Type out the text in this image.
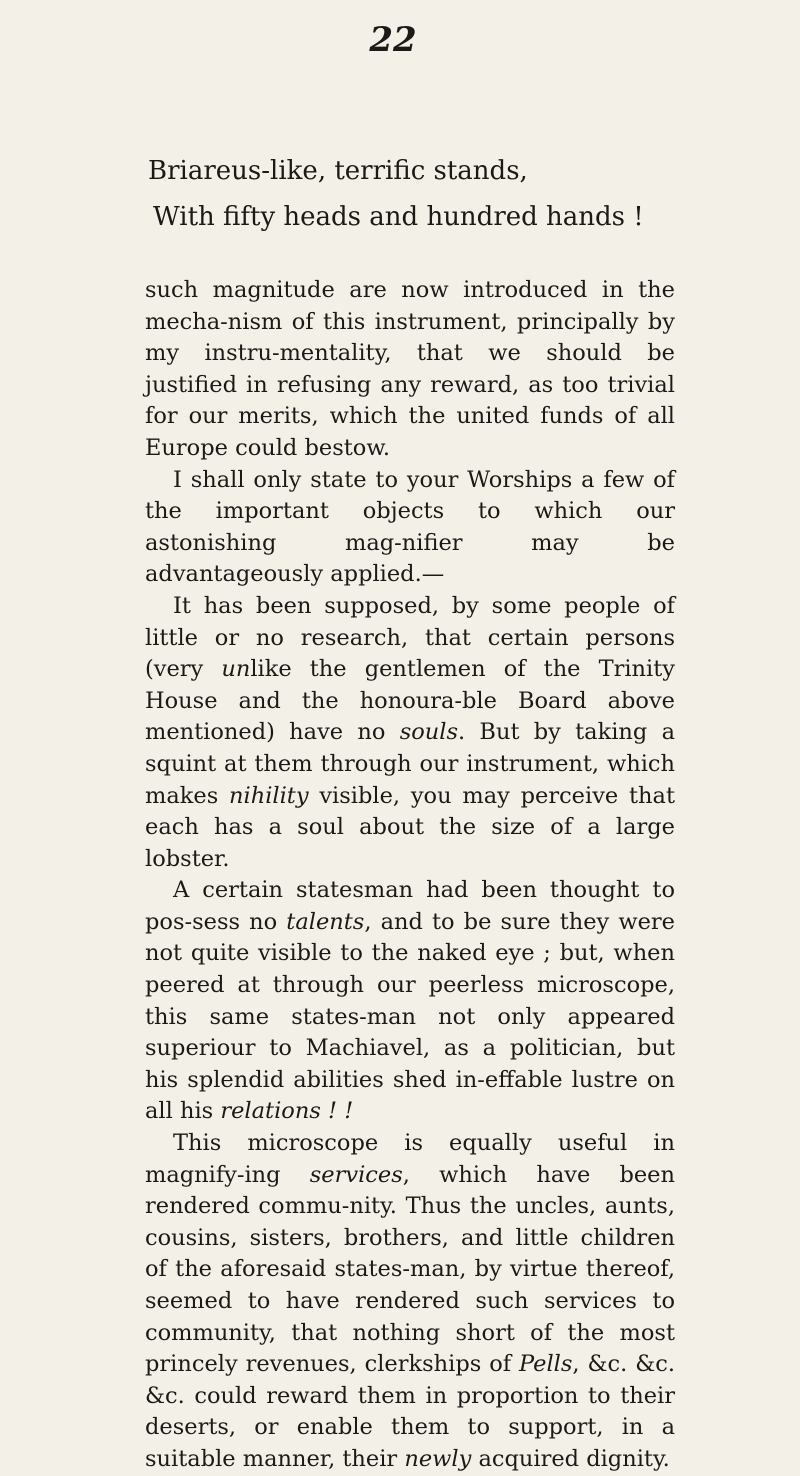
22
Briareus-like, terrific stands,
With fifty heads and hundred hands !

such magnitude are now introduced in the mecha-nism of this instrument, principally by my instru-mentality, that we should be justified in refusing any reward, as too trivial for our merits, which the united funds of all Europe could bestow.

I shall only state to your Worships a few of the important objects to which our astonishing mag-nifier may be advantageously applied.—

It has been supposed, by some people of little or no research, that certain persons (very unlike the gentlemen of the Trinity House and the honoura-ble Board above mentioned) have no souls. But by taking a squint at them through our instrument, which makes nihility visible, you may perceive that each has a soul about the size of a large lobster.

A certain statesman had been thought to pos-sess no talents, and to be sure they were not quite visible to the naked eye ; but, when peered at through our peerless microscope, this same states-man not only appeared superiour to Machiavel, as a politician, but his splendid abilities shed in-effable lustre on all his relations ! !

This microscope is equally useful in magnify-ing services, which have been rendered commu-nity. Thus the uncles, aunts, cousins, sisters, brothers, and little children of the aforesaid states-man, by virtue thereof, seemed to have rendered such services to community, that nothing short of the most princely revenues, clerkships of Pells, &c. &c. &c. could reward them in proportion to their deserts, or enable them to support, in a suitable manner, their newly acquired dignity.
